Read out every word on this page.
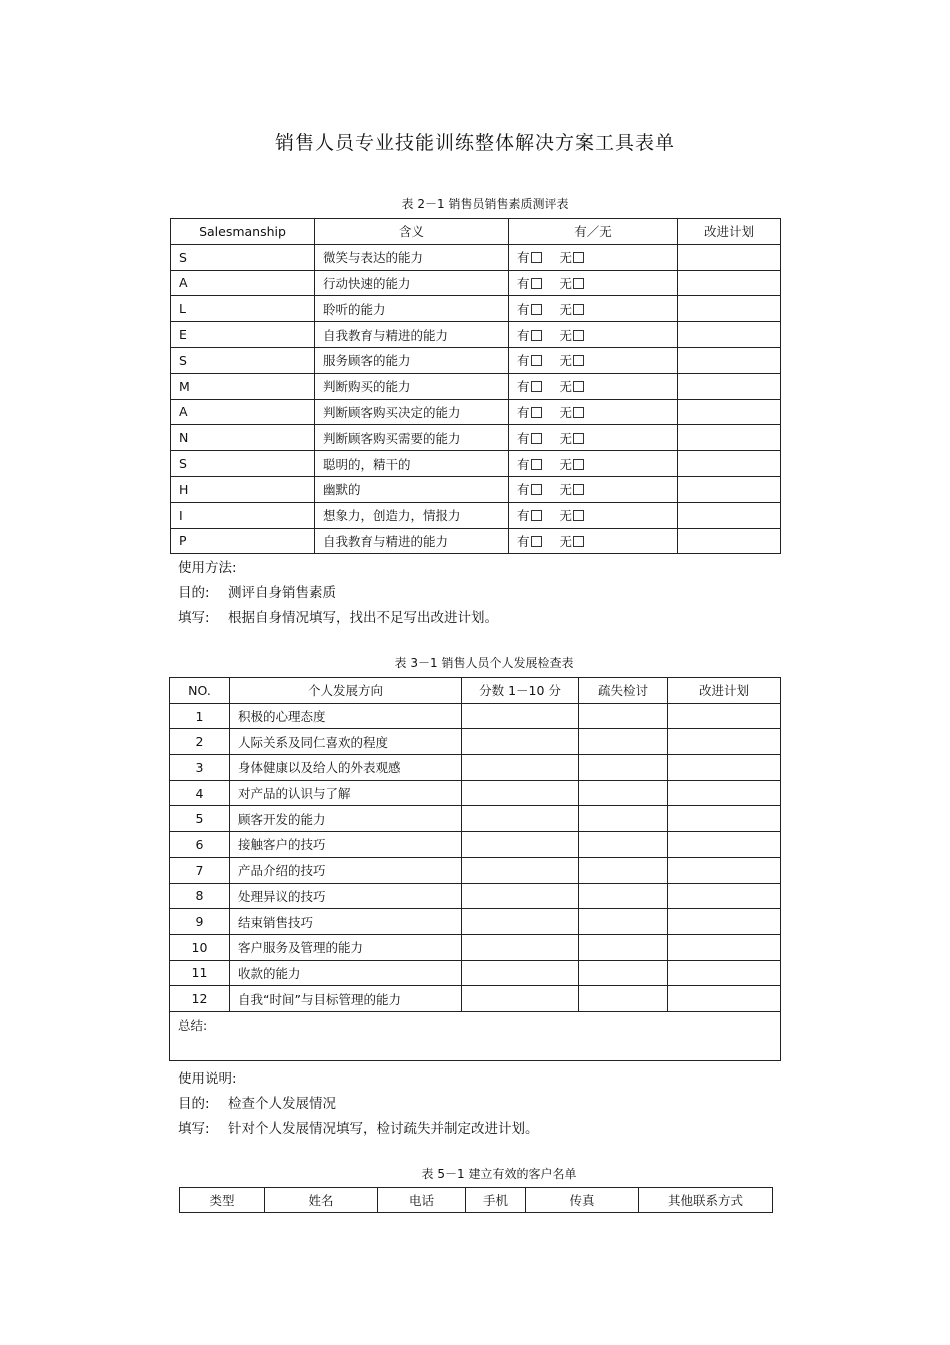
销售人员专业技能训练整体解决方案工具表单
表 2－1 销售员销售素质测评表
Salesmanship	含义	有／无	改进计划
S	微笑与表达的能力	有 无	
A	行动快速的能力	有 无	
L	聆听的能力	有 无	
E	自我教育与精进的能力	有 无	
S	服务顾客的能力	有 无	
M	判断购买的能力	有 无	
A	判断顾客购买决定的能力	有 无	
N	判断顾客购买需要的能力	有 无	
S	聪明的，精干的	有 无	
H	幽默的	有 无	
I	想象力，创造力，情报力	有 无	
P	自我教育与精进的能力	有 无	
使用方法:
目的: 测评自身销售素质
填写: 根据自身情况填写，找出不足写出改进计划。
表 3－1 销售人员个人发展检查表
NO.	个人发展方向	分数 1－10 分	疏失检讨	改进计划
1	积极的心理态度			
2	人际关系及同仁喜欢的程度			
3	身体健康以及给人的外表观感			
4	对产品的认识与了解			
5	顾客开发的能力			
6	接触客户的技巧			
7	产品介绍的技巧			
8	处理异议的技巧			
9	结束销售技巧			
10	客户服务及管理的能力			
11	收款的能力			
12	自我“时间”与目标管理的能力			
总结:				
使用说明:
目的: 检查个人发展情况
填写: 针对个人发展情况填写，检讨疏失并制定改进计划。
表 5－1 建立有效的客户名单
类型	姓名	电话	手机	传真	其他联系方式
